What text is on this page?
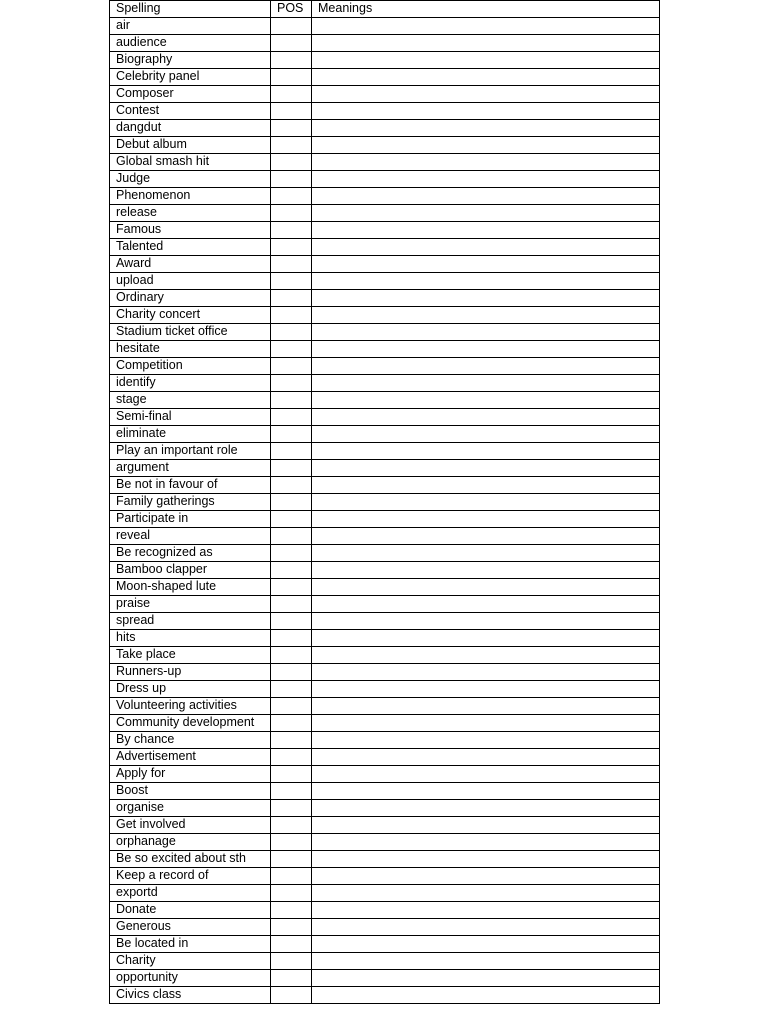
Spelling	POS	Meanings
air		
audience		
Biography		
Celebrity panel		
Composer		
Contest		
dangdut		
Debut album		
Global smash hit		
Judge		
Phenomenon		
release		
Famous		
Talented		
Award		
upload		
Ordinary		
Charity concert		
Stadium ticket office		
hesitate		
Competition		
identify		
stage		
Semi-final		
eliminate		
Play an important role		
argument		
Be not in favour of		
Family gatherings		
Participate in		
reveal		
Be recognized as		
Bamboo clapper		
Moon-shaped lute		
praise		
spread		
hits		
Take place		
Runners-up		
Dress up		
Volunteering activities		
Community development		
By chance		
Advertisement		
Apply for		
Boost		
organise		
Get involved		
orphanage		
Be so excited about sth		
Keep a record of		
exportd		
Donate		
Generous		
Be located in		
Charity		
opportunity		
Civics class		
